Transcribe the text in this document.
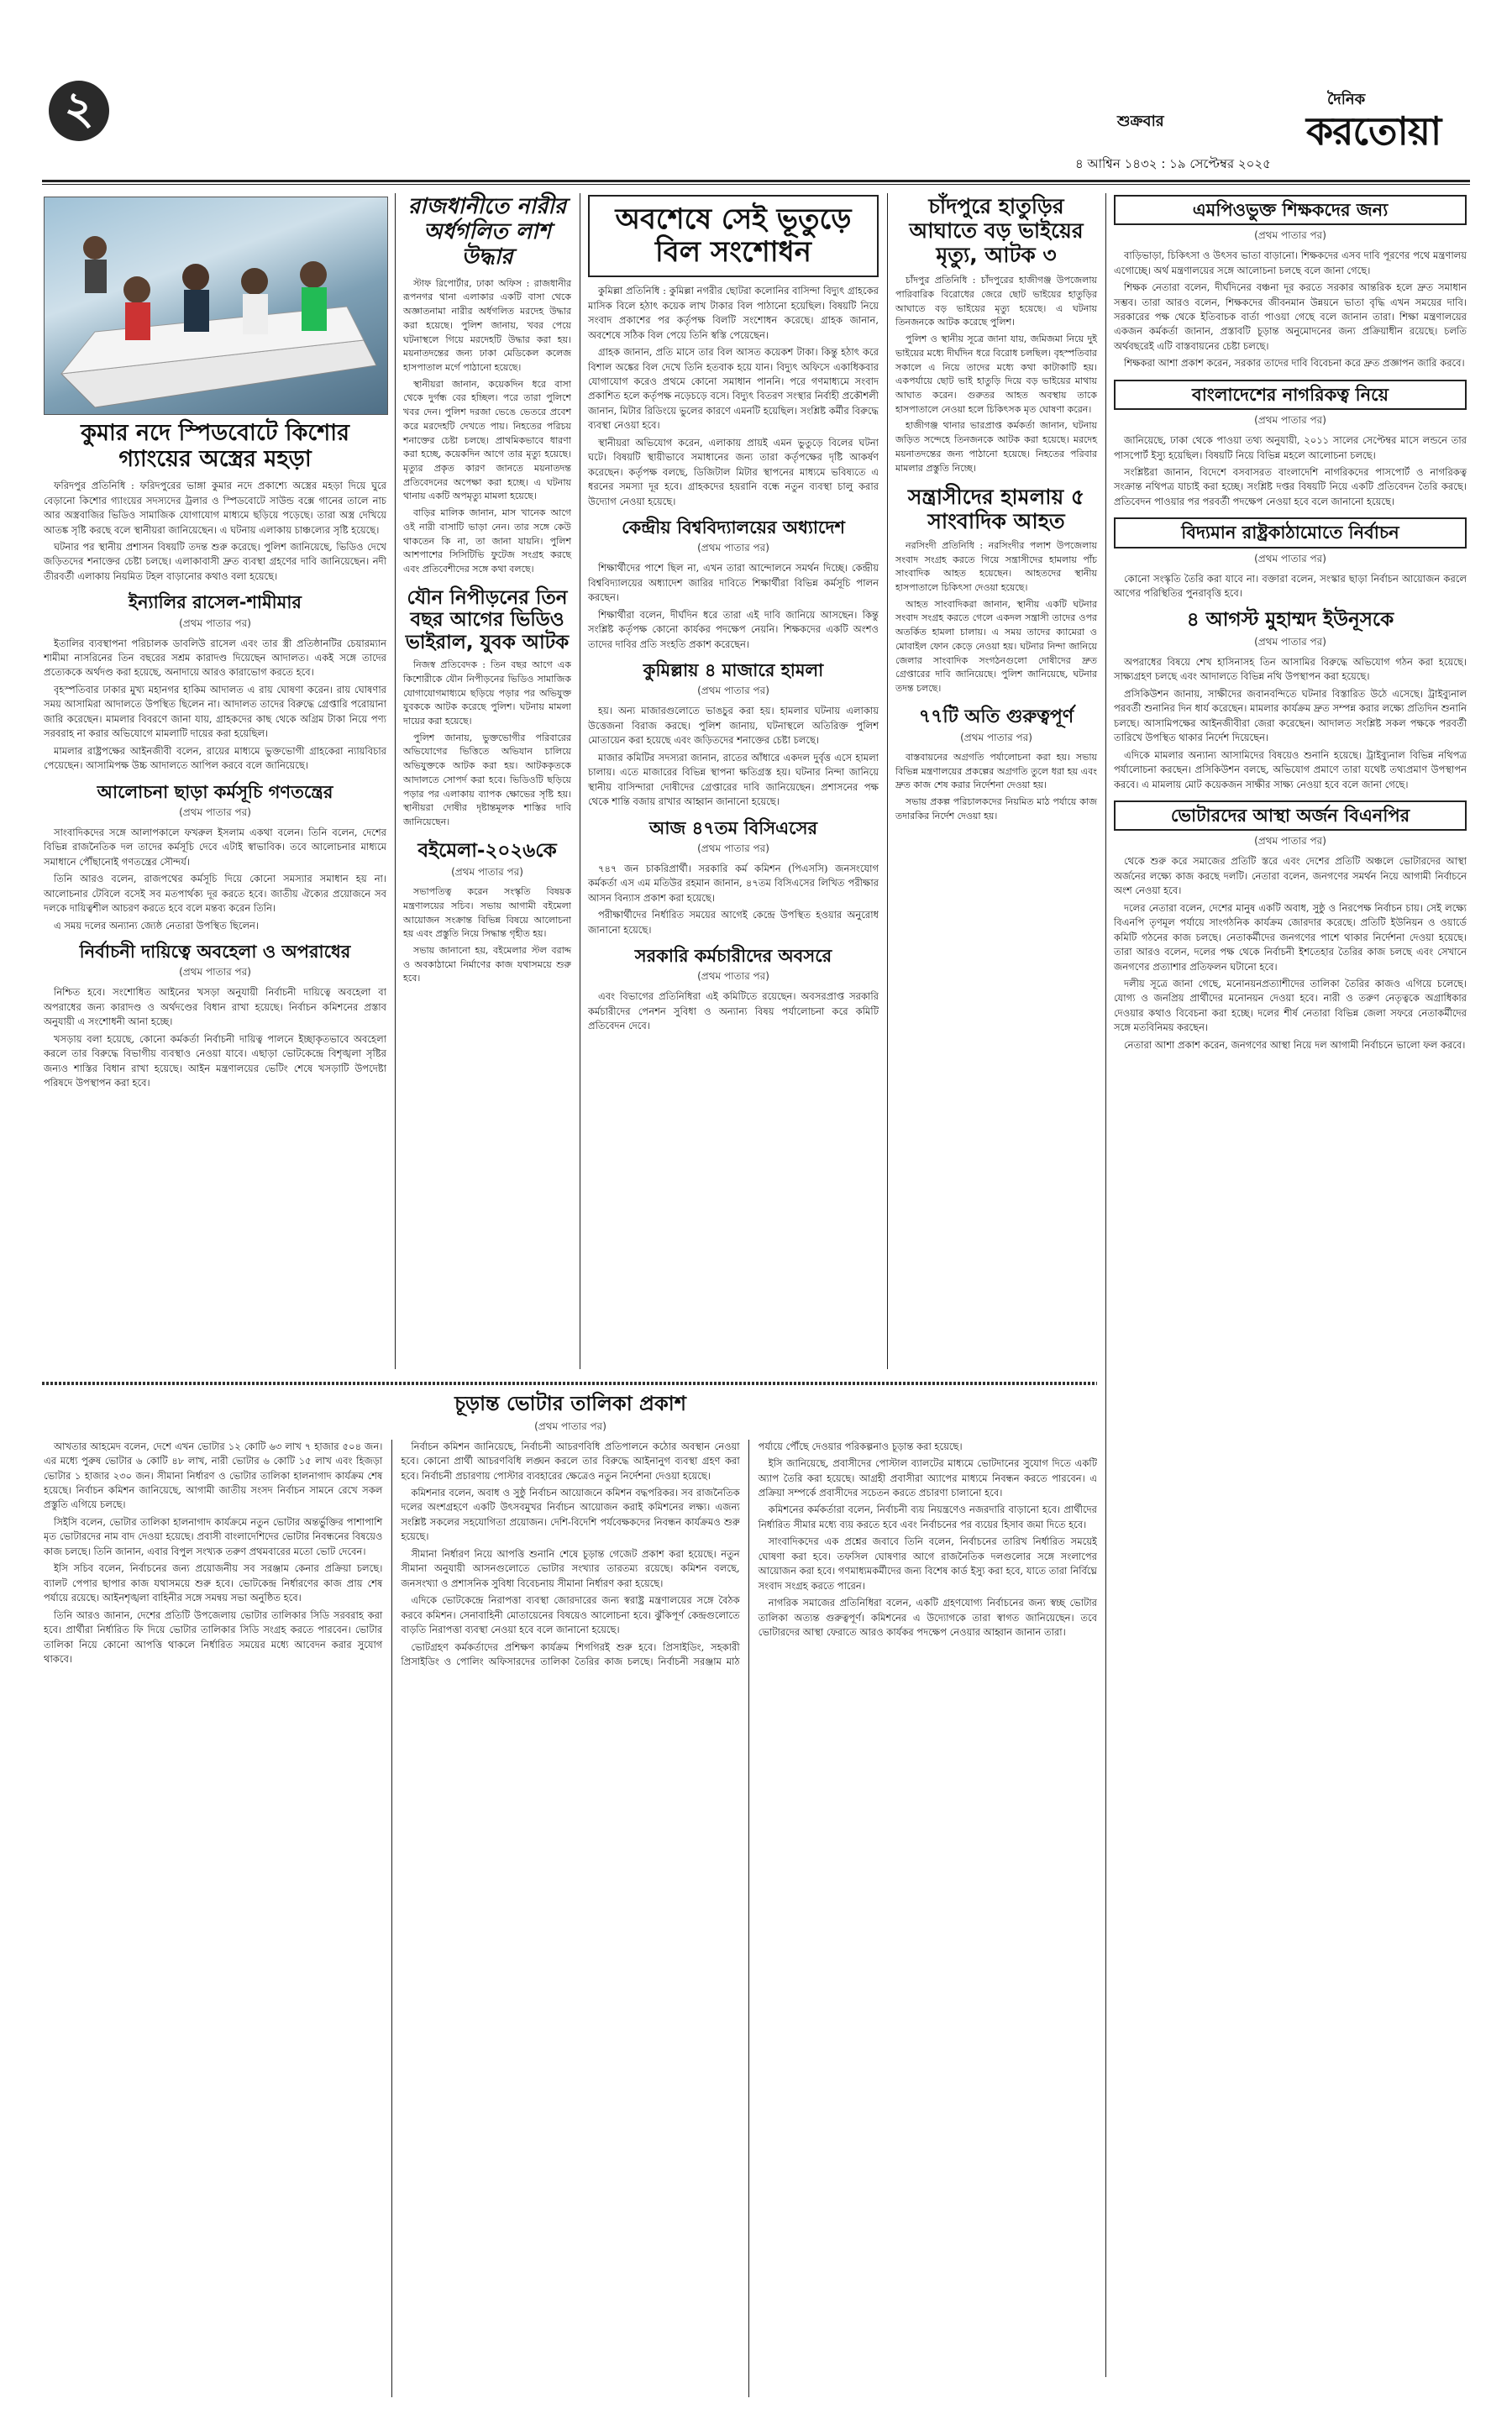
২	শুক্রবার
৪ আশ্বিন ১৪৩২ : ১৯ সেপ্টেম্বর ২০২৫
দৈনিক
করতোয়া
কুমার নদে স্পিডবোটে কিশোর গ্যাংয়ের অস্ত্রের মহড়া

ফরিদপুর প্রতিনিধি : ফরিদপুরের ভাঙ্গা কুমার নদে প্রকাশ্যে অস্ত্রের মহড়া দিয়ে ঘুরে বেড়ানো কিশোর গ্যাংয়ের সদস্যদের ট্রলার ও স্পিডবোটে সাউন্ড বক্সে গানের তালে নাচ আর অস্ত্রবাজির ভিডিও সামাজিক যোগাযোগ মাধ্যমে ছড়িয়ে পড়েছে। তারা অস্ত্র দেখিয়ে আতঙ্ক সৃষ্টি করছে বলে স্থানীয়রা জানিয়েছেন। এ ঘটনায় এলাকায় চাঞ্চল্যের সৃষ্টি হয়েছে।

ঘটনার পর স্থানীয় প্রশাসন বিষয়টি তদন্ত শুরু করেছে। পুলিশ জানিয়েছে, ভিডিও দেখে জড়িতদের শনাক্তের চেষ্টা চলছে। এলাকাবাসী দ্রুত ব্যবস্থা গ্রহণের দাবি জানিয়েছেন। নদী তীরবর্তী এলাকায় নিয়মিত টহল বাড়ানোর কথাও বলা হয়েছে।

ইন্যালির রাসেল-শামীমার
(প্রথম পাতার পর)

ইতালির ব্যবস্থাপনা পরিচালক ডাবলিউ রাসেল এবং তার স্ত্রী প্রতিষ্ঠানটির চেয়ারম্যান শামীমা নাসরিনের তিন বছরের সশ্রম কারাদণ্ড দিয়েছেন আদালত। একই সঙ্গে তাদের প্রত্যেককে অর্থদণ্ড করা হয়েছে, অনাদায়ে আরও কারাভোগ করতে হবে।

বৃহস্পতিবার ঢাকার মুখ্য মহানগর হাকিম আদালত এ রায় ঘোষণা করেন। রায় ঘোষণার সময় আসামিরা আদালতে উপস্থিত ছিলেন না। আদালত তাদের বিরুদ্ধে গ্রেপ্তারি পরোয়ানা জারি করেছেন। মামলার বিবরণে জানা যায়, গ্রাহকদের কাছ থেকে অগ্রিম টাকা নিয়ে পণ্য সরবরাহ না করার অভিযোগে মামলাটি দায়ের করা হয়েছিল।

মামলার রাষ্ট্রপক্ষের আইনজীবী বলেন, রায়ের মাধ্যমে ভুক্তভোগী গ্রাহকেরা ন্যায়বিচার পেয়েছেন। আসামিপক্ষ উচ্চ আদালতে আপিল করবে বলে জানিয়েছে।

আলোচনা ছাড়া কর্মসূচি গণতন্ত্রের
(প্রথম পাতার পর)

সাংবাদিকদের সঙ্গে আলাপকালে ফখরুল ইসলাম একথা বলেন। তিনি বলেন, দেশের বিভিন্ন রাজনৈতিক দল তাদের কর্মসূচি দেবে এটাই স্বাভাবিক। তবে আলোচনার মাধ্যমে সমাধানে পৌঁছানোই গণতন্ত্রের সৌন্দর্য।

তিনি আরও বলেন, রাজপথের কর্মসূচি দিয়ে কোনো সমস্যার সমাধান হয় না। আলোচনার টেবিলে বসেই সব মতপার্থক্য দূর করতে হবে। জাতীয় ঐক্যের প্রয়োজনে সব দলকে দায়িত্বশীল আচরণ করতে হবে বলে মন্তব্য করেন তিনি।

এ সময় দলের অন্যান্য জ্যেষ্ঠ নেতারা উপস্থিত ছিলেন।

নির্বাচনী দায়িত্বে অবহেলা ও অপরাধের
(প্রথম পাতার পর)

নিশ্চিত হবে। সংশোধিত আইনের খসড়া অনুযায়ী নির্বাচনী দায়িত্বে অবহেলা বা অপরাধের জন্য কারাদণ্ড ও অর্থদণ্ডের বিধান রাখা হয়েছে। নির্বাচন কমিশনের প্রস্তাব অনুযায়ী এ সংশোধনী আনা হচ্ছে।

খসড়ায় বলা হয়েছে, কোনো কর্মকর্তা নির্বাচনী দায়িত্ব পালনে ইচ্ছাকৃতভাবে অবহেলা করলে তার বিরুদ্ধে বিভাগীয় ব্যবস্থাও নেওয়া যাবে। এছাড়া ভোটকেন্দ্রে বিশৃঙ্খলা সৃষ্টির জন্যও শাস্তির বিধান রাখা হয়েছে। আইন মন্ত্রণালয়ের ভেটিং শেষে খসড়াটি উপদেষ্টা পরিষদে উপস্থাপন করা হবে।

রাজধানীতে নারীর অর্ধগলিত লাশ উদ্ধার

স্টাফ রিপোর্টার, ঢাকা অফিস : রাজধানীর রূপনগর থানা এলাকার একটি বাসা থেকে অজ্ঞাতনামা নারীর অর্ধগলিত মরদেহ উদ্ধার করা হয়েছে। পুলিশ জানায়, খবর পেয়ে ঘটনাস্থলে গিয়ে মরদেহটি উদ্ধার করা হয়। ময়নাতদন্তের জন্য ঢাকা মেডিকেল কলেজ হাসপাতাল মর্গে পাঠানো হয়েছে।

স্থানীয়রা জানান, কয়েকদিন ধরে বাসা থেকে দুর্গন্ধ বের হচ্ছিল। পরে তারা পুলিশে খবর দেন। পুলিশ দরজা ভেঙে ভেতরে প্রবেশ করে মরদেহটি দেখতে পায়। নিহতের পরিচয় শনাক্তের চেষ্টা চলছে। প্রাথমিকভাবে ধারণা করা হচ্ছে, কয়েকদিন আগে তার মৃত্যু হয়েছে। মৃত্যুর প্রকৃত কারণ জানতে ময়নাতদন্ত প্রতিবেদনের অপেক্ষা করা হচ্ছে। এ ঘটনায় থানায় একটি অপমৃত্যু মামলা হয়েছে।

বাড়ির মালিক জানান, মাস খানেক আগে ওই নারী বাসাটি ভাড়া নেন। তার সঙ্গে কেউ থাকতেন কি না, তা জানা যায়নি। পুলিশ আশপাশের সিসিটিভি ফুটেজ সংগ্রহ করছে এবং প্রতিবেশীদের সঙ্গে কথা বলছে।

যৌন নিপীড়নের তিন বছর আগের ভিডিও ভাইরাল, যুবক আটক

নিজস্ব প্রতিবেদক : তিন বছর আগে এক কিশোরীকে যৌন নিপীড়নের ভিডিও সামাজিক যোগাযোগমাধ্যমে ছড়িয়ে পড়ার পর অভিযুক্ত যুবককে আটক করেছে পুলিশ। ঘটনায় মামলা দায়ের করা হয়েছে।

পুলিশ জানায়, ভুক্তভোগীর পরিবারের অভিযোগের ভিত্তিতে অভিযান চালিয়ে অভিযুক্তকে আটক করা হয়। আটককৃতকে আদালতে সোপর্দ করা হবে। ভিডিওটি ছড়িয়ে পড়ার পর এলাকায় ব্যাপক ক্ষোভের সৃষ্টি হয়। স্থানীয়রা দোষীর দৃষ্টান্তমূলক শাস্তির দাবি জানিয়েছেন।

বইমেলা-২০২৬কে
(প্রথম পাতার পর)

সভাপতিত্ব করেন সংস্কৃতি বিষয়ক মন্ত্রণালয়ের সচিব। সভায় আগামী বইমেলা আয়োজন সংক্রান্ত বিভিন্ন বিষয়ে আলোচনা হয় এবং প্রস্তুতি নিয়ে সিদ্ধান্ত গৃহীত হয়।

সভায় জানানো হয়, বইমেলার স্টল বরাদ্দ ও অবকাঠামো নির্মাণের কাজ যথাসময়ে শুরু হবে।

অবশেষে সেই ভূতুড়ে বিল সংশোধন

কুমিল্লা প্রতিনিধি : কুমিল্লা নগরীর ছোটরা কলোনির বাসিন্দা বিদ্যুৎ গ্রাহকের মাসিক বিলে হঠাৎ কয়েক লাখ টাকার বিল পাঠানো হয়েছিল। বিষয়টি নিয়ে সংবাদ প্রকাশের পর কর্তৃপক্ষ বিলটি সংশোধন করেছে। গ্রাহক জানান, অবশেষে সঠিক বিল পেয়ে তিনি স্বস্তি পেয়েছেন।

গ্রাহক জানান, প্রতি মাসে তার বিল আসত কয়েকশ টাকা। কিন্তু হঠাৎ করে বিশাল অঙ্কের বিল দেখে তিনি হতবাক হয়ে যান। বিদ্যুৎ অফিসে একাধিকবার যোগাযোগ করেও প্রথমে কোনো সমাধান পাননি। পরে গণমাধ্যমে সংবাদ প্রকাশিত হলে কর্তৃপক্ষ নড়েচড়ে বসে। বিদ্যুৎ বিতরণ সংস্থার নির্বাহী প্রকৌশলী জানান, মিটার রিডিংয়ে ভুলের কারণে এমনটি হয়েছিল। সংশ্লিষ্ট কর্মীর বিরুদ্ধে ব্যবস্থা নেওয়া হবে।

স্থানীয়রা অভিযোগ করেন, এলাকায় প্রায়ই এমন ভুতুড়ে বিলের ঘটনা ঘটে। বিষয়টি স্থায়ীভাবে সমাধানের জন্য তারা কর্তৃপক্ষের দৃষ্টি আকর্ষণ করেছেন। কর্তৃপক্ষ বলছে, ডিজিটাল মিটার স্থাপনের মাধ্যমে ভবিষ্যতে এ ধরনের সমস্যা দূর হবে। গ্রাহকদের হয়রানি বন্ধে নতুন ব্যবস্থা চালু করার উদ্যোগ নেওয়া হয়েছে।

কেন্দ্রীয় বিশ্ববিদ্যালয়ের অধ্যাদেশ
(প্রথম পাতার পর)

শিক্ষার্থীদের পাশে ছিল না, এখন তারা আন্দোলনে সমর্থন দিচ্ছে। কেন্দ্রীয় বিশ্ববিদ্যালয়ের অধ্যাদেশ জারির দাবিতে শিক্ষার্থীরা বিভিন্ন কর্মসূচি পালন করছেন।

শিক্ষার্থীরা বলেন, দীর্ঘদিন ধরে তারা এই দাবি জানিয়ে আসছেন। কিন্তু সংশ্লিষ্ট কর্তৃপক্ষ কোনো কার্যকর পদক্ষেপ নেয়নি। শিক্ষকদের একটি অংশও তাদের দাবির প্রতি সংহতি প্রকাশ করেছেন।

কুমিল্লায় ৪ মাজারে হামলা
(প্রথম পাতার পর)

হয়। অন্য মাজারগুলোতে ভাঙচুর করা হয়। হামলার ঘটনায় এলাকায় উত্তেজনা বিরাজ করছে। পুলিশ জানায়, ঘটনাস্থলে অতিরিক্ত পুলিশ মোতায়েন করা হয়েছে এবং জড়িতদের শনাক্তের চেষ্টা চলছে।

মাজার কমিটির সদস্যরা জানান, রাতের আঁধারে একদল দুর্বৃত্ত এসে হামলা চালায়। এতে মাজারের বিভিন্ন স্থাপনা ক্ষতিগ্রস্ত হয়। ঘটনার নিন্দা জানিয়ে স্থানীয় বাসিন্দারা দোষীদের গ্রেপ্তারের দাবি জানিয়েছেন। প্রশাসনের পক্ষ থেকে শান্তি বজায় রাখার আহ্বান জানানো হয়েছে।

আজ ৪৭তম বিসিএসের
(প্রথম পাতার পর)

৭৪৭ জন চাকরিপ্রার্থী। সরকারি কর্ম কমিশন (পিএসসি) জনসংযোগ কর্মকর্তা এস এম মতিউর রহমান জানান, ৪৭তম বিসিএসের লিখিত পরীক্ষার আসন বিন্যাস প্রকাশ করা হয়েছে।

পরীক্ষার্থীদের নির্ধারিত সময়ের আগেই কেন্দ্রে উপস্থিত হওয়ার অনুরোধ জানানো হয়েছে।

সরকারি কর্মচারীদের অবসরে
(প্রথম পাতার পর)

এবং বিভাগের প্রতিনিধিরা এই কমিটিতে রয়েছেন। অবসরপ্রাপ্ত সরকারি কর্মচারীদের পেনশন সুবিধা ও অন্যান্য বিষয় পর্যালোচনা করে কমিটি প্রতিবেদন দেবে।

চাঁদপুরে হাতুড়ির আঘাতে বড় ভাইয়ের মৃত্যু, আটক ৩

চাঁদপুর প্রতিনিধি : চাঁদপুরের হাজীগঞ্জ উপজেলায় পারিবারিক বিরোধের জেরে ছোট ভাইয়ের হাতুড়ির আঘাতে বড় ভাইয়ের মৃত্যু হয়েছে। এ ঘটনায় তিনজনকে আটক করেছে পুলিশ।

পুলিশ ও স্থানীয় সূত্রে জানা যায়, জমিজমা নিয়ে দুই ভাইয়ের মধ্যে দীর্ঘদিন ধরে বিরোধ চলছিল। বৃহস্পতিবার সকালে এ নিয়ে তাদের মধ্যে কথা কাটাকাটি হয়। একপর্যায়ে ছোট ভাই হাতুড়ি দিয়ে বড় ভাইয়ের মাথায় আঘাত করেন। গুরুতর আহত অবস্থায় তাকে হাসপাতালে নেওয়া হলে চিকিৎসক মৃত ঘোষণা করেন।

হাজীগঞ্জ থানার ভারপ্রাপ্ত কর্মকর্তা জানান, ঘটনায় জড়িত সন্দেহে তিনজনকে আটক করা হয়েছে। মরদেহ ময়নাতদন্তের জন্য পাঠানো হয়েছে। নিহতের পরিবার মামলার প্রস্তুতি নিচ্ছে।

সন্ত্রাসীদের হামলায় ৫ সাংবাদিক আহত

নরসিংদী প্রতিনিধি : নরসিংদীর পলাশ উপজেলায় সংবাদ সংগ্রহ করতে গিয়ে সন্ত্রাসীদের হামলায় পাঁচ সাংবাদিক আহত হয়েছেন। আহতদের স্থানীয় হাসপাতালে চিকিৎসা দেওয়া হয়েছে।

আহত সাংবাদিকরা জানান, স্থানীয় একটি ঘটনার সংবাদ সংগ্রহ করতে গেলে একদল সন্ত্রাসী তাদের ওপর অতর্কিত হামলা চালায়। এ সময় তাদের ক্যামেরা ও মোবাইল ফোন কেড়ে নেওয়া হয়। ঘটনার নিন্দা জানিয়ে জেলার সাংবাদিক সংগঠনগুলো দোষীদের দ্রুত গ্রেপ্তারের দাবি জানিয়েছে। পুলিশ জানিয়েছে, ঘটনার তদন্ত চলছে।

৭৭টি অতি গুরুত্বপূর্ণ
(প্রথম পাতার পর)

বাস্তবায়নের অগ্রগতি পর্যালোচনা করা হয়। সভায় বিভিন্ন মন্ত্রণালয়ের প্রকল্পের অগ্রগতি তুলে ধরা হয় এবং দ্রুত কাজ শেষ করার নির্দেশনা দেওয়া হয়।

সভায় প্রকল্প পরিচালকদের নিয়মিত মাঠ পর্যায়ে কাজ তদারকির নির্দেশ দেওয়া হয়।

এমপিওভুক্ত শিক্ষকদের জন্য
(প্রথম পাতার পর)

বাড়িভাড়া, চিকিৎসা ও উৎসব ভাতা বাড়ানো। শিক্ষকদের এসব দাবি পূরণের পথে মন্ত্রণালয় এগোচ্ছে। অর্থ মন্ত্রণালয়ের সঙ্গে আলোচনা চলছে বলে জানা গেছে।

শিক্ষক নেতারা বলেন, দীর্ঘদিনের বঞ্চনা দূর করতে সরকার আন্তরিক হলে দ্রুত সমাধান সম্ভব। তারা আরও বলেন, শিক্ষকদের জীবনমান উন্নয়নে ভাতা বৃদ্ধি এখন সময়ের দাবি। সরকারের পক্ষ থেকে ইতিবাচক বার্তা পাওয়া গেছে বলে জানান তারা। শিক্ষা মন্ত্রণালয়ের একজন কর্মকর্তা জানান, প্রস্তাবটি চূড়ান্ত অনুমোদনের জন্য প্রক্রিয়াধীন রয়েছে। চলতি অর্থবছরেই এটি বাস্তবায়নের চেষ্টা চলছে।

শিক্ষকরা আশা প্রকাশ করেন, সরকার তাদের দাবি বিবেচনা করে দ্রুত প্রজ্ঞাপন জারি করবে।

বাংলাদেশের নাগরিকত্ব নিয়ে
(প্রথম পাতার পর)

জানিয়েছে, ঢাকা থেকে পাওয়া তথ্য অনুযায়ী, ২০১১ সালের সেপ্টেম্বর মাসে লন্ডনে তার পাসপোর্ট ইস্যু হয়েছিল। বিষয়টি নিয়ে বিভিন্ন মহলে আলোচনা চলছে।

সংশ্লিষ্টরা জানান, বিদেশে বসবাসরত বাংলাদেশি নাগরিকদের পাসপোর্ট ও নাগরিকত্ব সংক্রান্ত নথিপত্র যাচাই করা হচ্ছে। সংশ্লিষ্ট দপ্তর বিষয়টি নিয়ে একটি প্রতিবেদন তৈরি করছে। প্রতিবেদন পাওয়ার পর পরবর্তী পদক্ষেপ নেওয়া হবে বলে জানানো হয়েছে।

বিদ্যমান রাষ্ট্রকাঠামোতে নির্বাচন
(প্রথম পাতার পর)

কোনো সংস্কৃতি তৈরি করা যাবে না। বক্তারা বলেন, সংস্কার ছাড়া নির্বাচন আয়োজন করলে আগের পরিস্থিতির পুনরাবৃত্তি হবে।

৪ আগস্ট মুহাম্মদ ইউনূসকে
(প্রথম পাতার পর)

অপরাধের বিষয়ে শেখ হাসিনাসহ তিন আসামির বিরুদ্ধে অভিযোগ গঠন করা হয়েছে। সাক্ষ্যগ্রহণ চলছে এবং আদালতে বিভিন্ন নথি উপস্থাপন করা হয়েছে।

প্রসিকিউশন জানায়, সাক্ষীদের জবানবন্দিতে ঘটনার বিস্তারিত উঠে এসেছে। ট্রাইব্যুনাল পরবর্তী শুনানির দিন ধার্য করেছেন। মামলার কার্যক্রম দ্রুত সম্পন্ন করার লক্ষ্যে প্রতিদিন শুনানি চলছে। আসামিপক্ষের আইনজীবীরা জেরা করেছেন। আদালত সংশ্লিষ্ট সকল পক্ষকে পরবর্তী তারিখে উপস্থিত থাকার নির্দেশ দিয়েছেন।

এদিকে মামলার অন্যান্য আসামিদের বিষয়েও শুনানি হয়েছে। ট্রাইব্যুনাল বিভিন্ন নথিপত্র পর্যালোচনা করছেন। প্রসিকিউশন বলছে, অভিযোগ প্রমাণে তারা যথেষ্ট তথ্যপ্রমাণ উপস্থাপন করবে। এ মামলায় মোট কয়েকজন সাক্ষীর সাক্ষ্য নেওয়া হবে বলে জানা গেছে।

ভোটারদের আস্থা অর্জন বিএনপির
(প্রথম পাতার পর)

থেকে শুরু করে সমাজের প্রতিটি স্তরে এবং দেশের প্রতিটি অঞ্চলে ভোটারদের আস্থা অর্জনের লক্ষ্যে কাজ করছে দলটি। নেতারা বলেন, জনগণের সমর্থন নিয়ে আগামী নির্বাচনে অংশ নেওয়া হবে।

দলের নেতারা বলেন, দেশের মানুষ একটি অবাধ, সুষ্ঠু ও নিরপেক্ষ নির্বাচন চায়। সেই লক্ষ্যে বিএনপি তৃণমূল পর্যায়ে সাংগঠনিক কার্যক্রম জোরদার করেছে। প্রতিটি ইউনিয়ন ও ওয়ার্ডে কমিটি গঠনের কাজ চলছে। নেতাকর্মীদের জনগণের পাশে থাকার নির্দেশনা দেওয়া হয়েছে। তারা আরও বলেন, দলের পক্ষ থেকে নির্বাচনী ইশতেহার তৈরির কাজ চলছে এবং সেখানে জনগণের প্রত্যাশার প্রতিফলন ঘটানো হবে।

দলীয় সূত্রে জানা গেছে, মনোনয়নপ্রত্যাশীদের তালিকা তৈরির কাজও এগিয়ে চলেছে। যোগ্য ও জনপ্রিয় প্রার্থীদের মনোনয়ন দেওয়া হবে। নারী ও তরুণ নেতৃত্বকে অগ্রাধিকার দেওয়ার কথাও বিবেচনা করা হচ্ছে। দলের শীর্ষ নেতারা বিভিন্ন জেলা সফরে নেতাকর্মীদের সঙ্গে মতবিনিময় করছেন।

নেতারা আশা প্রকাশ করেন, জনগণের আস্থা নিয়ে দল আগামী নির্বাচনে ভালো ফল করবে।

চূড়ান্ত ভোটার তালিকা প্রকাশ
(প্রথম পাতার পর)

আখতার আহমেদ বলেন, দেশে এখন ভোটার ১২ কোটি ৬৩ লাখ ৭ হাজার ৫০৪ জন। এর মধ্যে পুরুষ ভোটার ৬ কোটি ৪৮ লাখ, নারী ভোটার ৬ কোটি ১৫ লাখ এবং হিজড়া ভোটার ১ হাজার ২৩০ জন। সীমানা নির্ধারণ ও ভোটার তালিকা হালনাগাদ কার্যক্রম শেষ হয়েছে। নির্বাচন কমিশন জানিয়েছে, আগামী জাতীয় সংসদ নির্বাচন সামনে রেখে সকল প্রস্তুতি এগিয়ে চলছে।

সিইসি বলেন, ভোটার তালিকা হালনাগাদ কার্যক্রমে নতুন ভোটার অন্তর্ভুক্তির পাশাপাশি মৃত ভোটারদের নাম বাদ দেওয়া হয়েছে। প্রবাসী বাংলাদেশিদের ভোটার নিবন্ধনের বিষয়েও কাজ চলছে। তিনি জানান, এবার বিপুল সংখ্যক তরুণ প্রথমবারের মতো ভোট দেবেন।

ইসি সচিব বলেন, নির্বাচনের জন্য প্রয়োজনীয় সব সরঞ্জাম কেনার প্রক্রিয়া চলছে। ব্যালট পেপার ছাপার কাজ যথাসময়ে শুরু হবে। ভোটকেন্দ্র নির্ধারণের কাজ প্রায় শেষ পর্যায়ে রয়েছে। আইনশৃঙ্খলা বাহিনীর সঙ্গে সমন্বয় সভা অনুষ্ঠিত হবে।

তিনি আরও জানান, দেশের প্রতিটি উপজেলায় ভোটার তালিকার সিডি সরবরাহ করা হবে। প্রার্থীরা নির্ধারিত ফি দিয়ে ভোটার তালিকার সিডি সংগ্রহ করতে পারবেন। ভোটার তালিকা নিয়ে কোনো আপত্তি থাকলে নির্ধারিত সময়ের মধ্যে আবেদন করার সুযোগ থাকবে।

নির্বাচন কমিশন জানিয়েছে, নির্বাচনী আচরণবিধি প্রতিপালনে কঠোর অবস্থান নেওয়া হবে। কোনো প্রার্থী আচরণবিধি লঙ্ঘন করলে তার বিরুদ্ধে আইনানুগ ব্যবস্থা গ্রহণ করা হবে। নির্বাচনী প্রচারণায় পোস্টার ব্যবহারের ক্ষেত্রেও নতুন নির্দেশনা দেওয়া হয়েছে।

কমিশনার বলেন, অবাধ ও সুষ্ঠু নির্বাচন আয়োজনে কমিশন বদ্ধপরিকর। সব রাজনৈতিক দলের অংশগ্রহণে একটি উৎসবমুখর নির্বাচন আয়োজন করাই কমিশনের লক্ষ্য। এজন্য সংশ্লিষ্ট সকলের সহযোগিতা প্রয়োজন। দেশি-বিদেশি পর্যবেক্ষকদের নিবন্ধন কার্যক্রমও শুরু হয়েছে।

সীমানা নির্ধারণ নিয়ে আপত্তি শুনানি শেষে চূড়ান্ত গেজেট প্রকাশ করা হয়েছে। নতুন সীমানা অনুযায়ী আসনগুলোতে ভোটার সংখ্যার তারতম্য রয়েছে। কমিশন বলছে, জনসংখ্যা ও প্রশাসনিক সুবিধা বিবেচনায় সীমানা নির্ধারণ করা হয়েছে।

এদিকে ভোটকেন্দ্রে নিরাপত্তা ব্যবস্থা জোরদারের জন্য স্বরাষ্ট্র মন্ত্রণালয়ের সঙ্গে বৈঠক করবে কমিশন। সেনাবাহিনী মোতায়েনের বিষয়েও আলোচনা হবে। ঝুঁকিপূর্ণ কেন্দ্রগুলোতে বাড়তি নিরাপত্তা ব্যবস্থা নেওয়া হবে বলে জানানো হয়েছে।

ভোটগ্রহণ কর্মকর্তাদের প্রশিক্ষণ কার্যক্রম শিগগিরই শুরু হবে। প্রিসাইডিং, সহকারী প্রিসাইডিং ও পোলিং অফিসারদের তালিকা তৈরির কাজ চলছে। নির্বাচনী সরঞ্জাম মাঠ পর্যায়ে পৌঁছে দেওয়ার পরিকল্পনাও চূড়ান্ত করা হয়েছে।

ইসি জানিয়েছে, প্রবাসীদের পোস্টাল ব্যালটের মাধ্যমে ভোটদানের সুযোগ দিতে একটি অ্যাপ তৈরি করা হয়েছে। আগ্রহী প্রবাসীরা অ্যাপের মাধ্যমে নিবন্ধন করতে পারবেন। এ প্রক্রিয়া সম্পর্কে প্রবাসীদের সচেতন করতে প্রচারণা চালানো হবে।

কমিশনের কর্মকর্তারা বলেন, নির্বাচনী ব্যয় নিয়ন্ত্রণেও নজরদারি বাড়ানো হবে। প্রার্থীদের নির্ধারিত সীমার মধ্যে ব্যয় করতে হবে এবং নির্বাচনের পর ব্যয়ের হিসাব জমা দিতে হবে।

সাংবাদিকদের এক প্রশ্নের জবাবে তিনি বলেন, নির্বাচনের তারিখ নির্ধারিত সময়েই ঘোষণা করা হবে। তফসিল ঘোষণার আগে রাজনৈতিক দলগুলোর সঙ্গে সংলাপের আয়োজন করা হবে। গণমাধ্যমকর্মীদের জন্য বিশেষ কার্ড ইস্যু করা হবে, যাতে তারা নির্বিঘ্নে সংবাদ সংগ্রহ করতে পারেন।

নাগরিক সমাজের প্রতিনিধিরা বলেন, একটি গ্রহণযোগ্য নির্বাচনের জন্য স্বচ্ছ ভোটার তালিকা অত্যন্ত গুরুত্বপূর্ণ। কমিশনের এ উদ্যোগকে তারা স্বাগত জানিয়েছেন। তবে ভোটারদের আস্থা ফেরাতে আরও কার্যকর পদক্ষেপ নেওয়ার আহ্বান জানান তারা।
